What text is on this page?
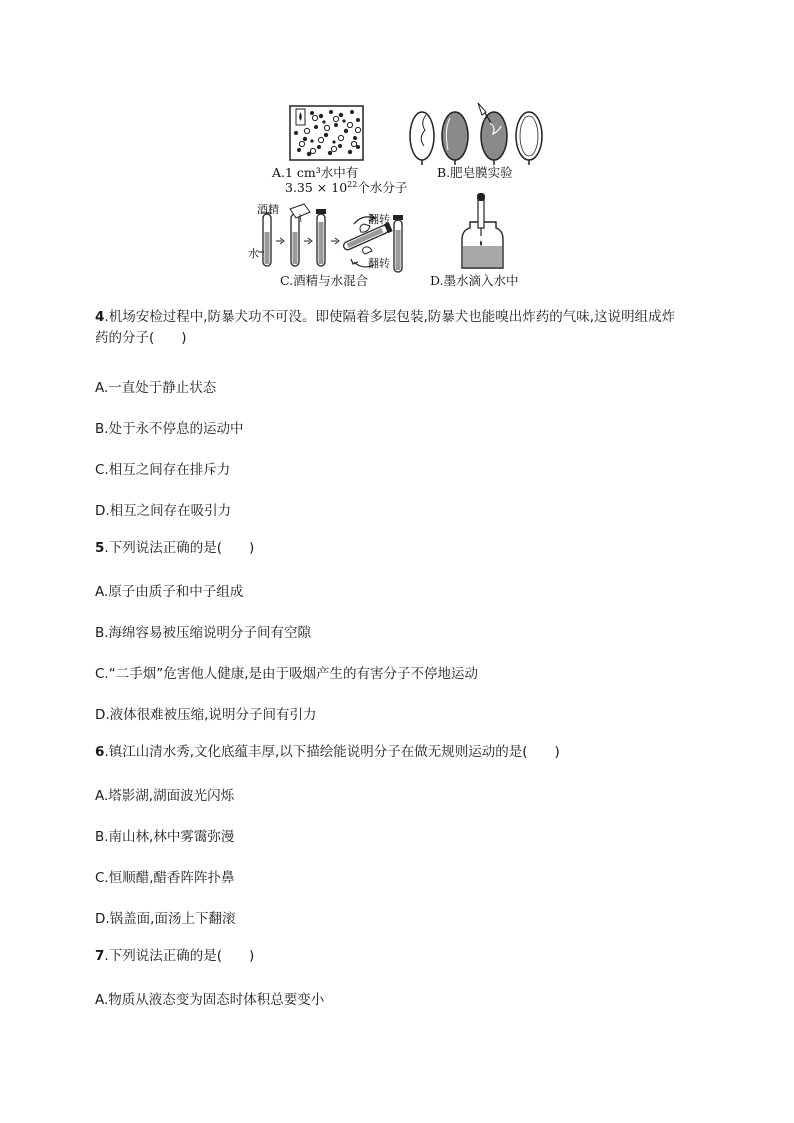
A.1 cm³水中有
$3.35 \times 10^{22}$个水分子
B.肥皂膜实验
酒精
水
翻转
翻转
C.酒精与水混合	D.墨水滴入水中
4.机场安检过程中,防暴犬功不可没。即使隔着多层包装,防暴犬也能嗅出炸药的气味,这说明组成炸
药的分子(　　)
A.一直处于静止状态
B.处于永不停息的运动中
C.相互之间存在排斥力
D.相互之间存在吸引力
5.下列说法正确的是(　　)
A.原子由质子和中子组成
B.海绵容易被压缩说明分子间有空隙
C.“二手烟”危害他人健康,是由于吸烟产生的有害分子不停地运动
D.液体很难被压缩,说明分子间有引力
6.镇江山清水秀,文化底蕴丰厚,以下描绘能说明分子在做无规则运动的是(　　)
A.塔影湖,湖面波光闪烁
B.南山林,林中雾霭弥漫
C.恒顺醋,醋香阵阵扑鼻
D.锅盖面,面汤上下翻滚
7.下列说法正确的是(　　)
A.物质从液态变为固态时体积总要变小
